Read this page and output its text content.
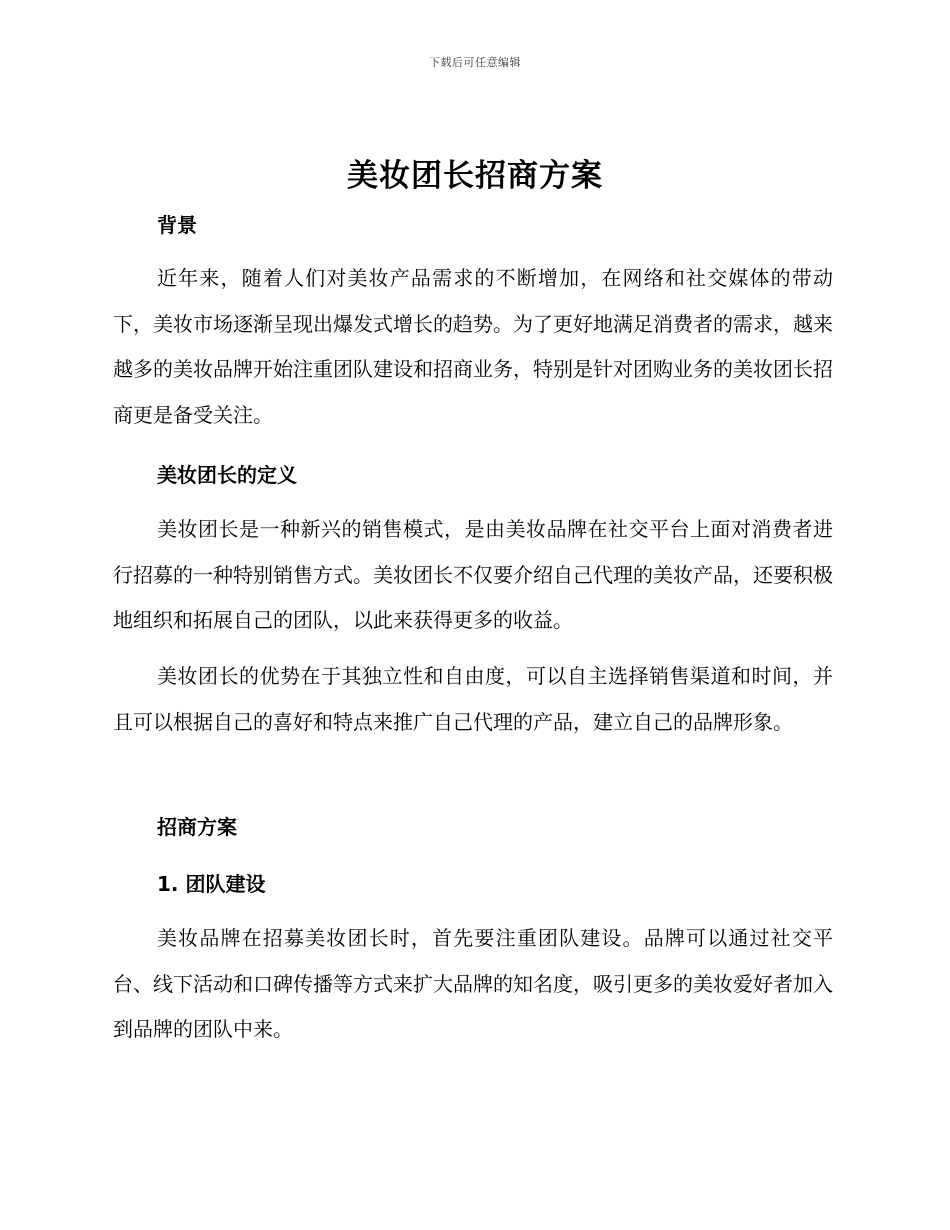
下载后可任意编辑
美妆团长招商方案
背景

近年来，随着人们对美妆产品需求的不断增加，在网络和社交媒体的带动下，美妆市场逐渐呈现出爆发式增长的趋势。为了更好地满足消费者的需求，越来越多的美妆品牌开始注重团队建设和招商业务，特别是针对团购业务的美妆团长招商更是备受关注。

美妆团长的定义

美妆团长是一种新兴的销售模式，是由美妆品牌在社交平台上面对消费者进行招募的一种特别销售方式。美妆团长不仅要介绍自己代理的美妆产品，还要积极地组织和拓展自己的团队，以此来获得更多的收益。

美妆团长的优势在于其独立性和自由度，可以自主选择销售渠道和时间，并且可以根据自己的喜好和特点来推广自己代理的产品，建立自己的品牌形象。

招商方案
1. 团队建设

美妆品牌在招募美妆团长时，首先要注重团队建设。品牌可以通过社交平台、线下活动和口碑传播等方式来扩大品牌的知名度，吸引更多的美妆爱好者加入到品牌的团队中来。
